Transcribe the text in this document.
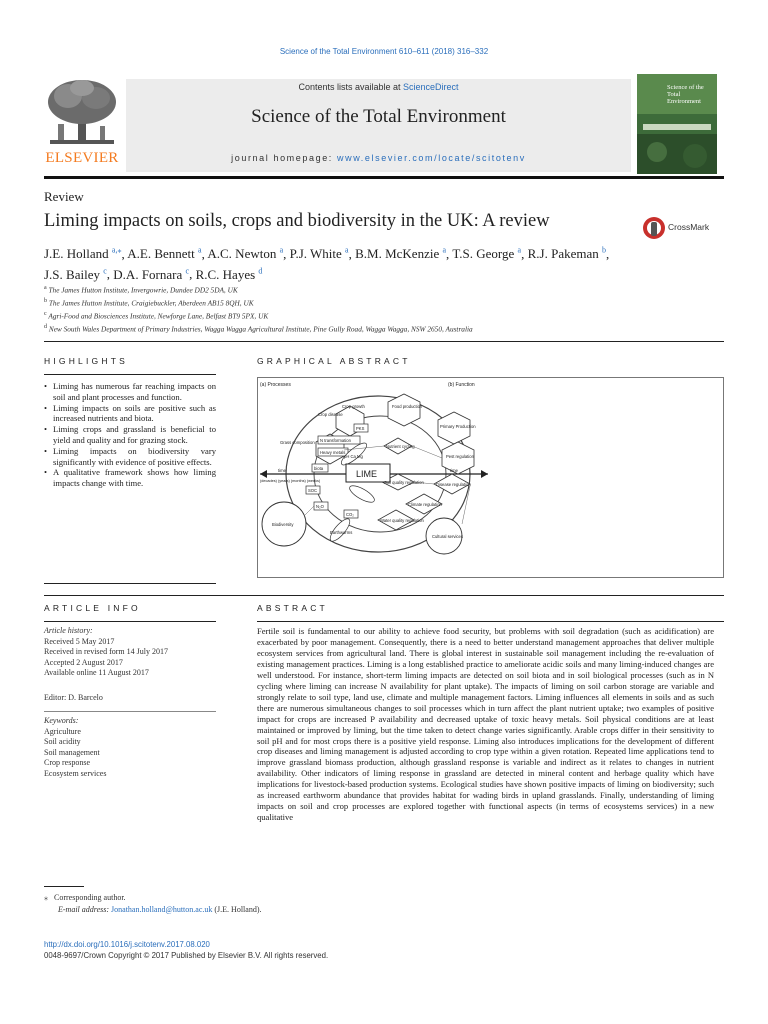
Science of the Total Environment 610–611 (2018) 316–332
ELSEVIER
Contents lists available at ScienceDirect
Science of the Total Environment
journal homepage: www.elsevier.com/locate/scitotenv
Science of the
Total Environment
Review
Liming impacts on soils, crops and biodiversity in the UK: A review	CrossMark
J.E. Holland $^{a,⁎}$, A.E. Bennett $^a$, A.C. Newton $^a$, P.J. White $^a$, B.M. McKenzie $^a$, T.S. George $^a$, R.J. Pakeman $^b$,
J.S. Bailey $^c$, D.A. Fornara $^c$, R.C. Hayes $^d$
$^a$ The James Hutton Institute, Invergowrie, Dundee DD2 5DA, UK
$^b$ The James Hutton Institute, Craigiebuckler, Aberdeen AB15 8QH, UK
$^c$ Agri-Food and Biosciences Institute, Newforge Lane, Belfast BT9 5PX, UK
$^d$ New South Wales Department of Primary Industries, Wagga Wagga Agricultural Institute, Pine Gully Road, Wagga Wagga, NSW 2650, Australia
HIGHLIGHTS
• Liming has numerous far reaching impacts on soil and plant processes and function.
• Liming impacts on soils are positive such as increased nutrients and biota.
• Liming crops and grassland is beneficial to yield and quality and for grazing stock.
• Liming impacts on biodiversity vary significantly with evidence of positive effects.
• A qualitative framework shows how liming impacts change with time.
GRAPHICAL ABSTRACT
(a) Processes	(b) Function
Crop disease
Crop growth	Food production
Primary Production
Grass composition N transformation
Heavy metals
PKS
Nutrient cycling
Pest regulation
biota
pH Ca Mg
LIME
time	time
(decades) (years) (months) (weeks)
SOC
N₂O
CO₂
Earthworms
Soil quality regulation	Disease regulation
Climate regulation
Water quality regulation
Biodiversity
Cultural services
ARTICLE INFO
Article history:
Received 5 May 2017
Received in revised form 14 July 2017
Accepted 2 August 2017
Available online 11 August 2017
Editor: D. Barcelo
Keywords:
Agriculture
Soil acidity
Soil management
Crop response
Ecosystem services
ABSTRACT
Fertile soil is fundamental to our ability to achieve food security, but problems with soil degradation (such as acidification) are exacerbated by poor management. Consequently, there is a need to better understand management approaches that deliver multiple ecosystem services from agricultural land. There is global interest in sustainable soil management including the re-evaluation of existing management practices. Liming is a long established practice to ameliorate acidic soils and many liming-induced changes are well understood. For instance, short-term liming impacts are detected on soil biota and in soil biological processes (such as in N cycling where liming can increase N availability for plant uptake). The impacts of liming on soil carbon storage are variable and strongly relate to soil type, land use, climate and multiple management factors. Liming influences all elements in soils and as such there are numerous simultaneous changes to soil processes which in turn affect the plant nutrient uptake; two examples of positive impact for crops are increased P availability and decreased uptake of toxic heavy metals. Soil physical conditions are at least maintained or improved by liming, but the time taken to detect change varies significantly. Arable crops differ in their sensitivity to soil pH and for most crops there is a positive yield response. Liming also introduces implications for the development of different crop diseases and liming management is adjusted according to crop type within a given rotation. Repeated lime applications tend to improve grassland biomass production, although grassland response is variable and indirect as it relates to changes in nutrient availability. Other indicators of liming response in grassland are detected in mineral content and herbage quality which have implications for livestock-based production systems. Ecological studies have shown positive impacts of liming on biodiversity; such as increased earthworm abundance that provides habitat for wading birds in upland grasslands. Finally, understanding of liming impacts on soil and crop processes are explored together with functional aspects (in terms of ecosystems services) in a new qualitative
⁎ Corresponding author.
E-mail address: Jonathan.holland@hutton.ac.uk (J.E. Holland).
http://dx.doi.org/10.1016/j.scitotenv.2017.08.020
0048-9697/Crown Copyright © 2017 Published by Elsevier B.V. All rights reserved.
